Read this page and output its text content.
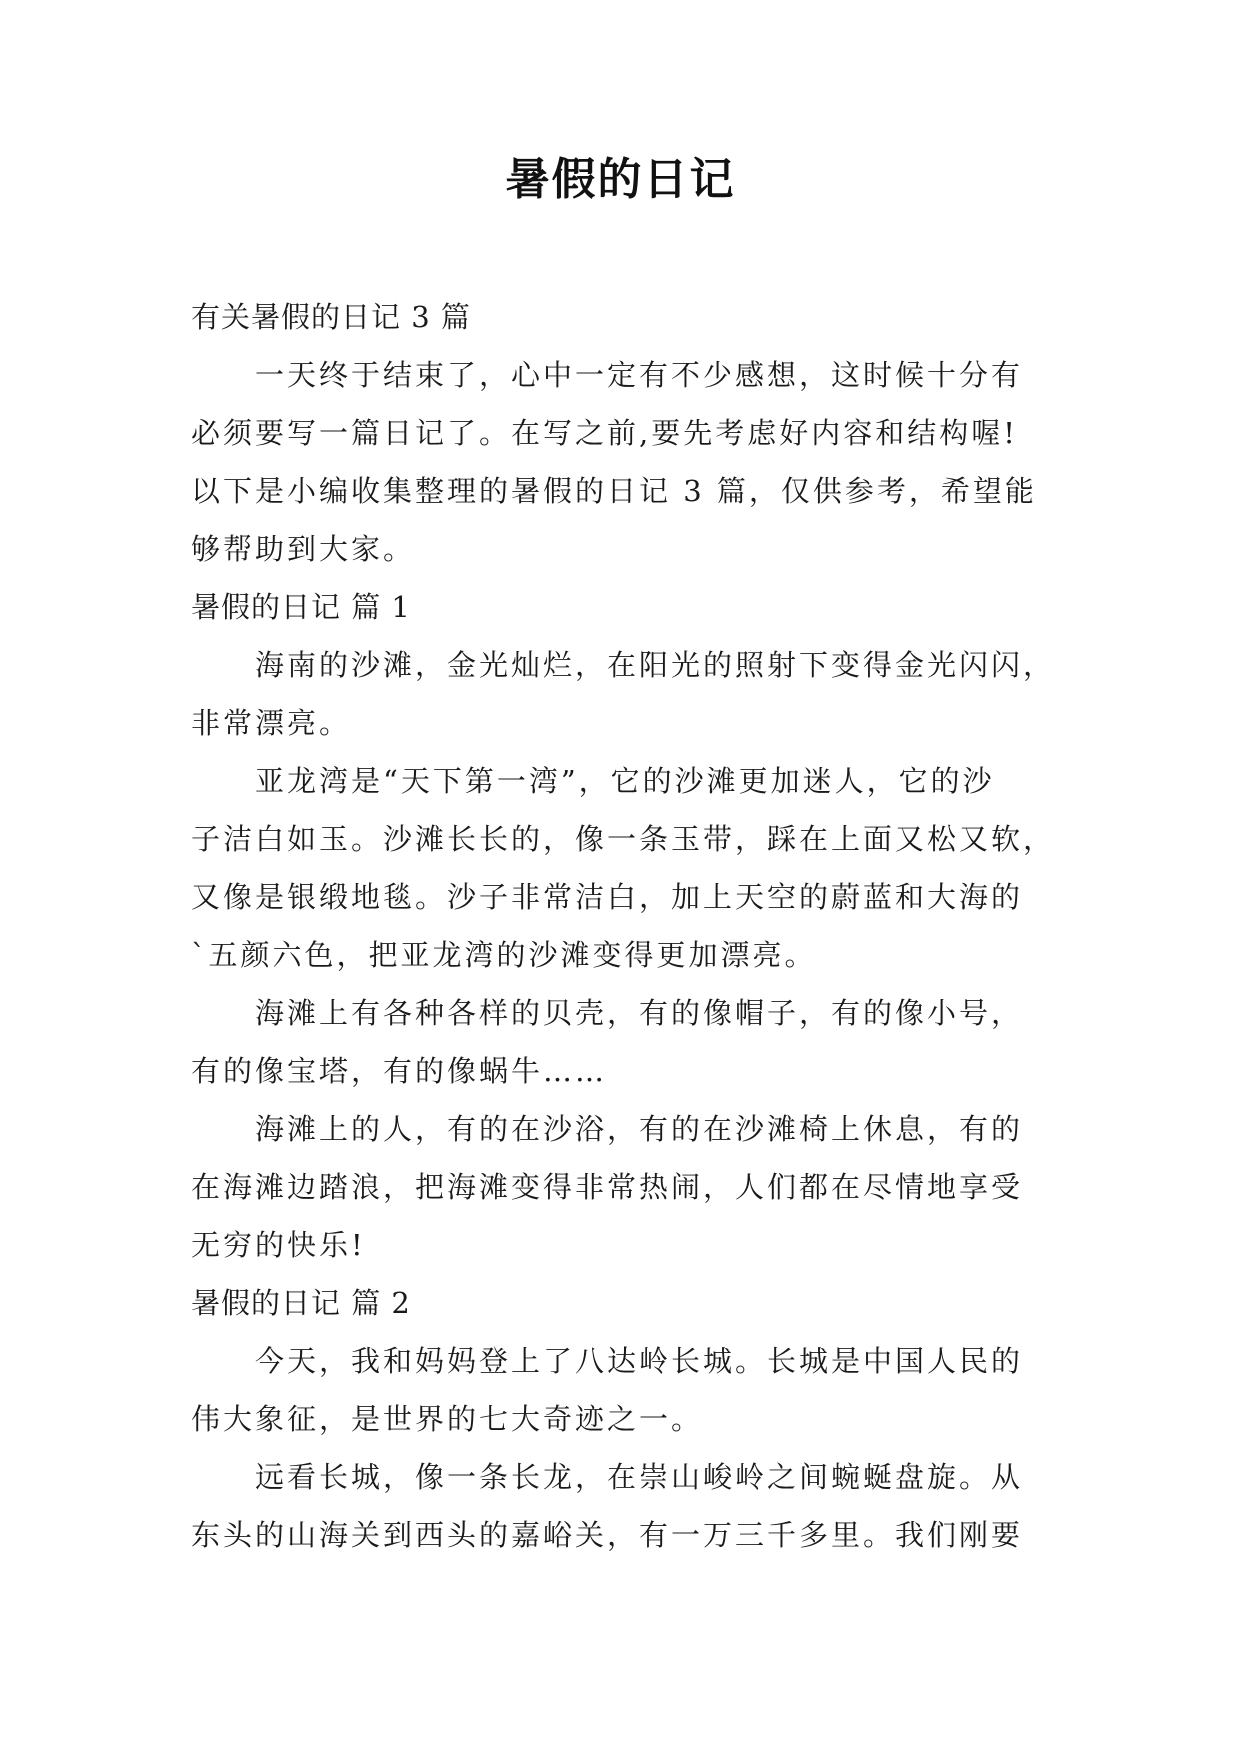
暑假的日记
有关暑假的日记 3 篇
一天终于结束了，心中一定有不少感想，这时候十分有
必须要写一篇日记了。在写之前,要先考虑好内容和结构喔!
以下是小编收集整理的暑假的日记 3 篇，仅供参考，希望能
够帮助到大家。
暑假的日记 篇 1
海南的沙滩，金光灿烂，在阳光的照射下变得金光闪闪，
非常漂亮。
亚龙湾是“天下第一湾”，它的沙滩更加迷人，它的沙
子洁白如玉。沙滩长长的，像一条玉带，踩在上面又松又软，
又像是银缎地毯。沙子非常洁白，加上天空的蔚蓝和大海的
`五颜六色，把亚龙湾的沙滩变得更加漂亮。
海滩上有各种各样的贝壳，有的像帽子，有的像小号，
有的像宝塔，有的像蜗牛……
海滩上的人，有的在沙浴，有的在沙滩椅上休息，有的
在海滩边踏浪，把海滩变得非常热闹，人们都在尽情地享受
无穷的快乐!
暑假的日记 篇 2
今天，我和妈妈登上了八达岭长城。长城是中国人民的
伟大象征，是世界的七大奇迹之一。
远看长城，像一条长龙，在崇山峻岭之间蜿蜒盘旋。从
东头的山海关到西头的嘉峪关，有一万三千多里。我们刚要
